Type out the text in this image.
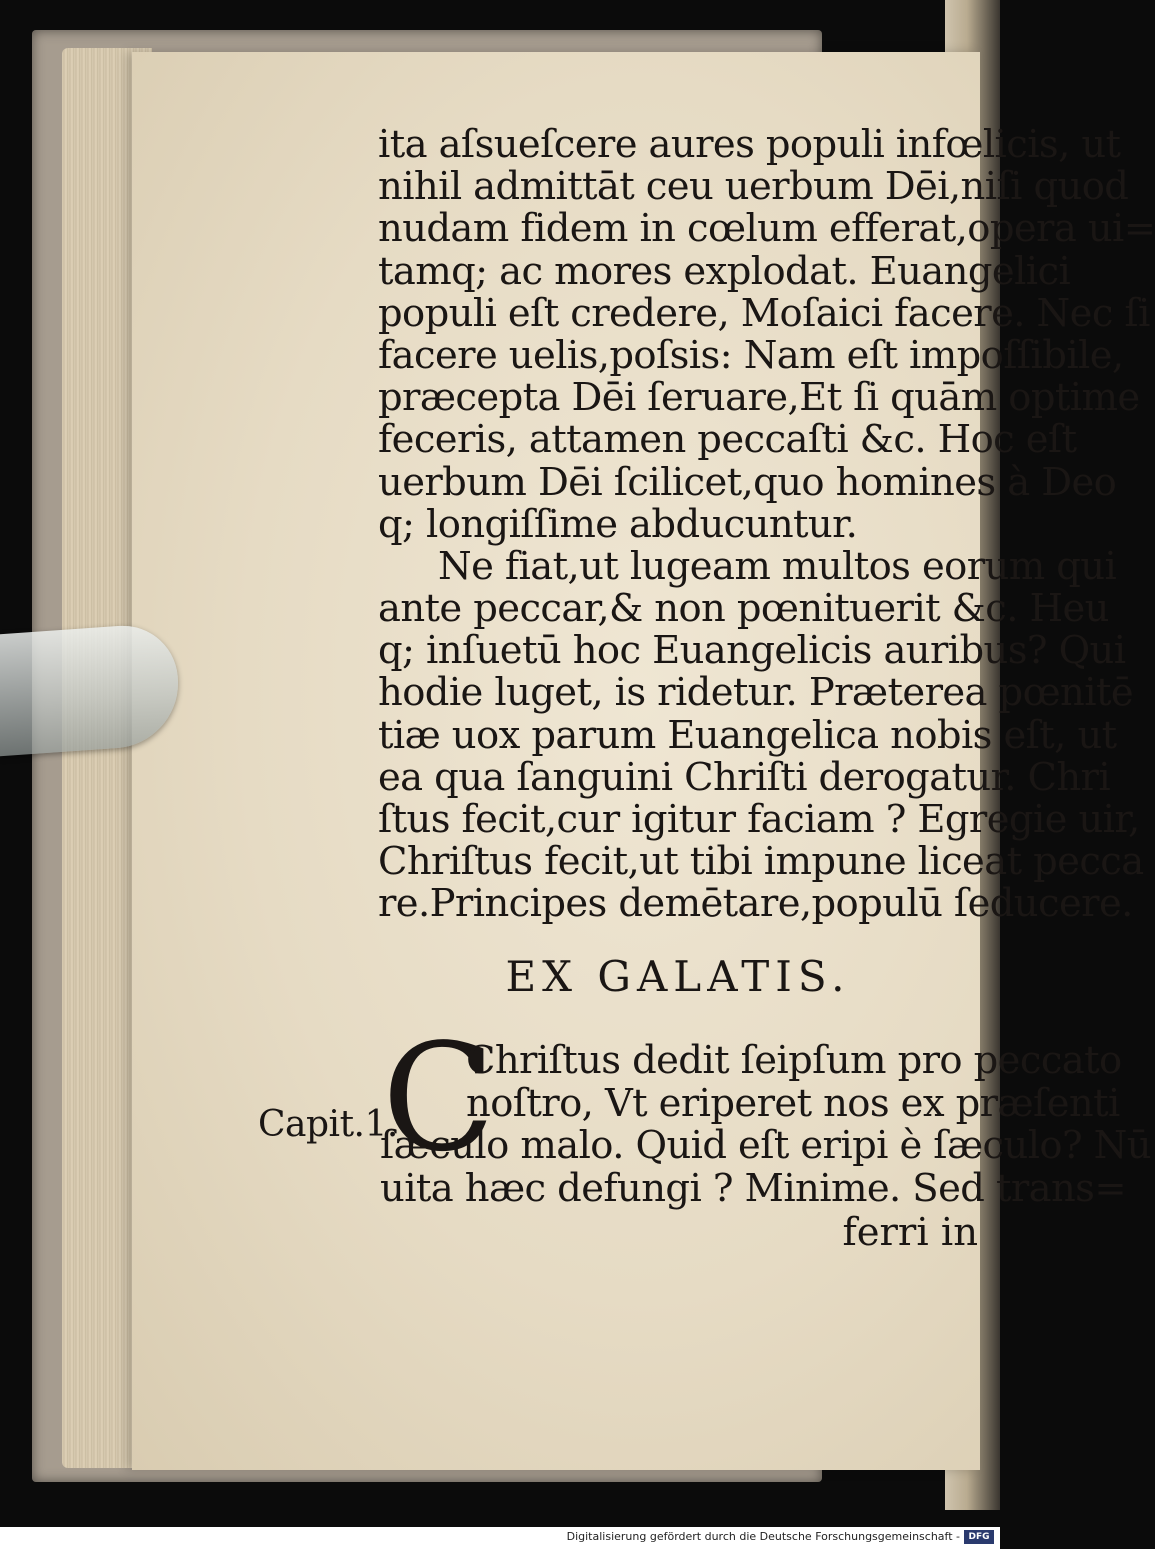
ita aſsueſcere aures populi infœlicis, ut
nihil admittāt ceu uerbum Dēi,niſi quod
nudam fidem in cœlum efferat,opera ui=
tamq; ac mores explodat. Euangelici
populi eſt credere, Moſaici facere. Nec ſi
facere uelis,poſsis: Nam eſt impoſſibile,
præcepta Dēi ſeruare,Et ſi quām optime
feceris, attamen peccaſti &c. Hoc eſt
uerbum Dēi ſcilicet,quo homines à Deo
q; longiſſime abducuntur.
Ne fiat,ut lugeam multos eorum qui
ante peccar,& non pœnituerit &c. Heu
q; inſuetū hoc Euangelicis auribus? Qui
hodie luget, is ridetur. Præterea pœnitē
tiæ uox parum Euangelica nobis eſt, ut
ea qua ſanguini Chriſti derogatur. Chri
ſtus fecit,cur igitur faciam ? Egregie uir,
Chriſtus fecit,ut tibi impune liceat pecca
re.Principes demētare,populū ſeducere.
EX GALATIS.
C
Chriſtus dedit ſeipſum pro peccato
noſtro, Vt eriperet nos ex præſenti
ſæculo malo. Quid eſt eripi è ſæculo? Nū
uita hæc defungi ? Minime. Sed trans=
Capit.1.
ferri in
Digitalisierung gefördert durch die Deutsche Forschungsgemeinschaft - DFG
